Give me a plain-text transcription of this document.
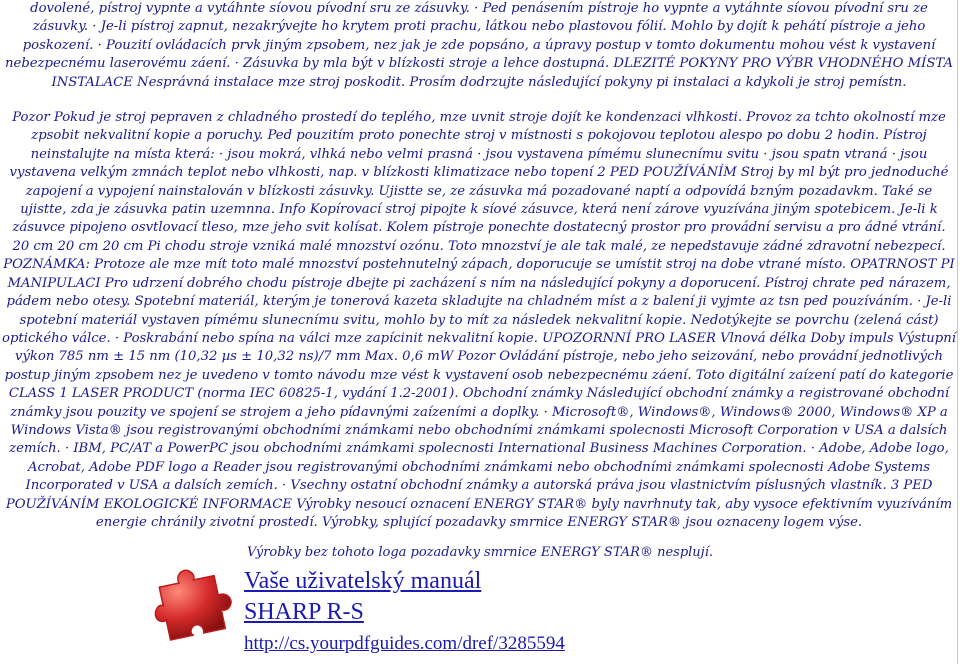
dovolené, pístroj vypnte a vytáhnte síovou pívodní sru ze zásuvky. · Ped penásením pístroje ho vypnte a vytáhnte síovou pívodní sru ze zásuvky. · Je-li pístroj zapnut, nezakrývejte ho krytem proti prachu, látkou nebo plastovou fólií. Mohlo by dojít k pehátí pístroje a jeho poskození. · Pouzití ovládacích prvk jiným zpsobem, nez jak je zde popsáno, a úpravy postup v tomto dokumentu mohou vést k vystavení nebezpecnému laserovému záení. · Zásuvka by mla být v blízkosti stroje a lehce dostupná. DLEZITÉ POKYNY PRO VÝBR VHODNÉHO MÍSTA INSTALACE Nesprávná instalace mze stroj poskodit. Prosím dodrzujte následující pokyny pi instalaci a kdykoli je stroj pemístn.

Pozor Pokud je stroj pepraven z chladného prostedí do teplého, mze uvnit stroje dojít ke kondenzaci vlhkosti. Provoz za tchto okolností mze zpsobit nekvalitní kopie a poruchy. Ped pouzitím proto ponechte stroj v místnosti s pokojovou teplotou alespo po dobu 2 hodin. Pístroj neinstalujte na místa která: · jsou mokrá, vlhká nebo velmi prasná · jsou vystavena pímému slunecnímu svitu · jsou spatn vtraná · jsou vystavena velkým zmnách teplot nebo vlhkosti, nap. v blízkosti klimatizace nebo topení 2 PED POUŽÍVÁNÍM Stroj by ml být pro jednoduché zapojení a vypojení nainstalován v blízkosti zásuvky. Ujistte se, ze zásuvka má pozadované naptí a odpovídá bzným pozadavkm. Také se ujistte, zda je zásuvka patin uzemnna. Info Kopírovací stroj pipojte k síové zásuvce, která není zárove vyuzívána jiným spotebicem. Je-li k zásuvce pipojeno osvtlovací tleso, mze jeho svit kolísat. Kolem pístroje ponechte dostatecný prostor pro provádní servisu a pro ádné vtrání.

20 cm 20 cm 20 cm Pi chodu stroje vzniká malé mnozství ozónu. Toto mnozství je ale tak malé, ze nepedstavuje zádné zdravotní nebezpecí. POZNÁMKA: Protoze ale mze mít toto malé mnozství postehnutelný zápach, doporucuje se umístit stroj na dobe vtrané místo. OPATRNOST PI MANIPULACI Pro udrzení dobrého chodu pístroje dbejte pi zacházení s ním na následující pokyny a doporucení. Pístroj chrate ped nárazem, pádem nebo otesy. Spotební materiál, kterým je tonerová kazeta skladujte na chladném míst a z balení ji vyjmte az tsn ped pouzíváním. · Je-li spotební materiál vystaven pímému slunecnímu svitu, mohlo by to mít za následek nekvalitní kopie. Nedotýkejte se povrchu (zelená cást) optického válce. · Poskrabání nebo spína na válci mze zapícinit nekvalitní kopie. UPOZORNNÍ PRO LASER Vlnová délka Doby impuls Výstupní výkon 785 nm ± 15 nm (10,32 µs ± 10,32 ns)/7 mm Max. 0,6 mW Pozor Ovládání pístroje, nebo jeho seizování, nebo provádní jednotlivých postup jiným zpsobem nez je uvedeno v tomto návodu mze vést k vystavení osob nebezpecnému záení. Toto digitální zaízení patí do kategorie CLASS 1 LASER PRODUCT (norma IEC 60825-1, vydání 1.2-2001). Obchodní známky Následující obchodní známky a registrované obchodní známky jsou pouzity ve spojení se strojem a jeho pídavnými zaízeními a doplky. · Microsoft®, Windows®, Windows® 2000, Windows® XP a Windows Vista® jsou registrovanými obchodními známkami nebo obchodními známkami spolecnosti Microsoft Corporation v USA a dalsích zemích. · IBM, PC/AT a PowerPC jsou obchodními známkami spolecnosti International Business Machines Corporation. · Adobe, Adobe logo, Acrobat, Adobe PDF logo a Reader jsou registrovanými obchodními známkami nebo obchodními známkami spolecnosti Adobe Systems Incorporated v USA a dalsích zemích. · Vsechny ostatní obchodní známky a autorská práva jsou vlastnictvím píslusných vlastník. 3 PED POUŽÍVÁNÍM EKOLOGICKÉ INFORMACE Výrobky nesoucí oznacení ENERGY STAR® byly navrhnuty tak, aby vysoce efektivním vyuzíváním energie chránily zivotní prostedí. Výrobky, splující pozadavky smrnice ENERGY STAR® jsou oznaceny logem výse.

Výrobky bez tohoto loga pozadavky smrnice ENERGY STAR® nesplují.
Vaše uživatelský manuál
SHARP R-S
http://cs.yourpdfguides.com/dref/3285594
